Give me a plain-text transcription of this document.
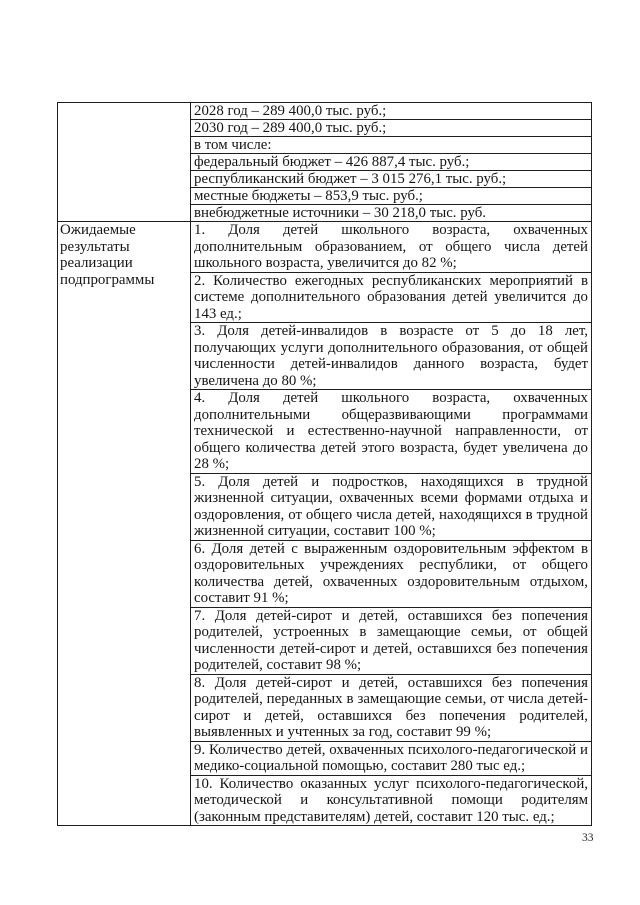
2028 год – 289 400,0 тыс. руб.;
2030 год – 289 400,0 тыс. руб.;
в том числе:
федеральный бюджет – 426 887,4 тыс. руб.;
республиканский бюджет – 3 015 276,1 тыс. руб.;
местные бюджеты – 853,9 тыс. руб.;
внебюджетные источники – 30 218,0 тыс. руб.
Ожидаемые результаты реализации подпрограммы
1. Доля детей школьного возраста, охваченных дополнительным образованием, от общего числа детей школьного возраста, увеличится до 82 %;
2. Количество ежегодных республиканских мероприятий в системе дополнительного образования детей увеличится до 143 ед.;
3. Доля детей-инвалидов в возрасте от 5 до 18 лет, получающих услуги дополнительного образования, от общей численности детей-инвалидов данного возраста, будет увеличена до 80 %;
4. Доля детей школьного возраста, охваченных дополнительными общеразвивающими программами технической и естественно-научной направленности, от общего количества детей этого возраста, будет увеличена до 28 %;
5. Доля детей и подростков, находящихся в трудной жизненной ситуации, охваченных всеми формами отдыха и оздоровления, от общего числа детей, находящихся в трудной жизненной ситуации, составит 100 %;
6. Доля детей с выраженным оздоровительным эффектом в оздоровительных учреждениях республики, от общего количества детей, охваченных оздоровительным отдыхом, составит 91 %;
7. Доля детей-сирот и детей, оставшихся без попечения родителей, устроенных в замещающие семьи, от общей численности детей-сирот и детей, оставшихся без попечения родителей, составит 98 %;
8. Доля детей-сирот и детей, оставшихся без попечения родителей, переданных в замещающие семьи, от числа детей-сирот и детей, оставшихся без попечения родителей, выявленных и учтенных за год, составит 99 %;
9. Количество детей, охваченных психолого-педагогической и медико-социальной помощью, составит 280 тыс ед.;
10. Количество оказанных услуг психолого-педагогической, методической и консультативной помощи родителям (законным представителям) детей, составит 120 тыс. ед.;
33
